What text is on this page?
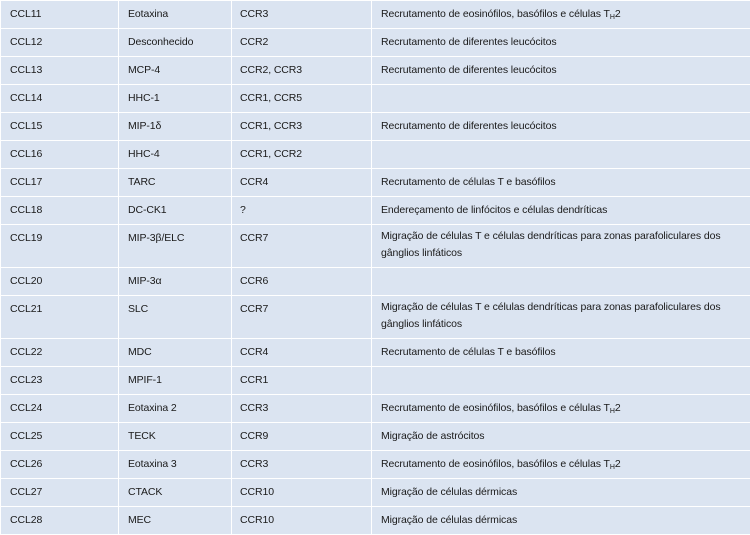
CCL11	Eotaxina	CCR3	Recrutamento de eosinófilos, basófilos e células $T_H2$
CCL12	Desconhecido	CCR2	Recrutamento de diferentes leucócitos
CCL13	MCP-4	CCR2, CCR3	Recrutamento de diferentes leucócitos
CCL14	HHC-1	CCR1, CCR5	
CCL15	MIP-1δ	CCR1, CCR3	Recrutamento de diferentes leucócitos
CCL16	HHC-4	CCR1, CCR2	
CCL17	TARC	CCR4	Recrutamento de células T e basófilos
CCL18	DC-CK1	?	Endereçamento de linfócitos e células dendríticas
CCL19	MIP-3β/ELC	CCR7	Migração de células T e células dendríticas para zonas parafoliculares dos gânglios linfáticos
CCL20	MIP-3α	CCR6	
CCL21	SLC	CCR7	Migração de células T e células dendríticas para zonas parafoliculares dos gânglios linfáticos
CCL22	MDC	CCR4	Recrutamento de células T e basófilos
CCL23	MPIF-1	CCR1	
CCL24	Eotaxina 2	CCR3	Recrutamento de eosinófilos, basófilos e células $T_H2$
CCL25	TECK	CCR9	Migração de astrócitos
CCL26	Eotaxina 3	CCR3	Recrutamento de eosinófilos, basófilos e células $T_H2$
CCL27	CTACK	CCR10	Migração de células dérmicas
CCL28	MEC	CCR10	Migração de células dérmicas
